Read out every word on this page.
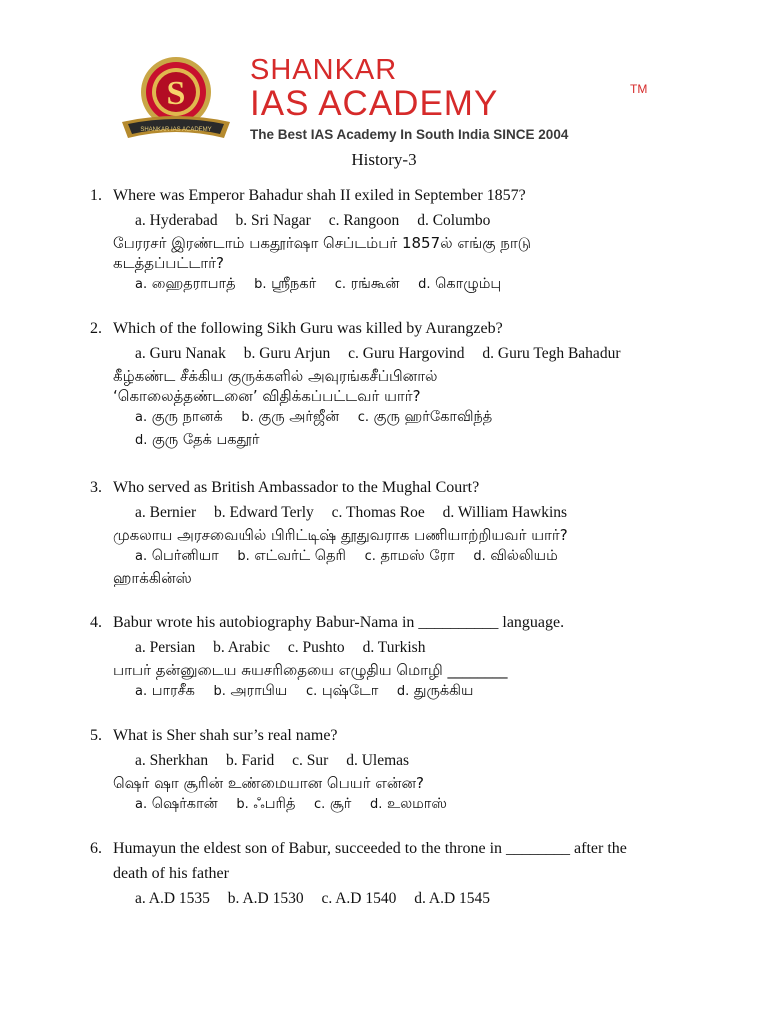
S
SHANKAR IAS ACADEMY
SHANKAR
IAS ACADEMY	TM
The Best IAS Academy In South India SINCE 2004
History-3
1. Where was Emperor Bahadur shah II exiled in September 1857?
a. Hyderabad b. Sri Nagar c. Rangoon d. Columbo
பேரரசர் இரண்டாம் பகதூர்ஷா செப்டம்பர் 1857ல் எங்கு நாடு
கடத்தப்பட்டார்?
a. ஹைதராபாத் b. ஸ்ரீநகர் c. ரங்கூன் d. கொழும்பு
2. Which of the following Sikh Guru was killed by Aurangzeb?
a. Guru Nanak b. Guru Arjun c. Guru Hargovind d. Guru Tegh Bahadur
கீழ்கண்ட சீக்கிய குருக்களில் அவுரங்கசீப்பினால்
‘கொலைத்தண்டனை’ விதிக்கப்பட்டவர் யார்?
a. குரு நானக் b. குரு அர்ஜீன் c. குரு ஹர்கோவிந்த்
d. குரு தேக் பகதூர்
3. Who served as British Ambassador to the Mughal Court?
a. Bernier b. Edward Terly c. Thomas Roe d. William Hawkins
முகலாய அரசவையில் பிரிட்டிஷ் தூதுவராக பணியாற்றியவர் யார்?
a. பெர்னியா b. எட்வர்ட் தெரி c. தாமஸ் ரோ d. வில்லியம்
ஹாக்கின்ஸ்
4. Babur wrote his autobiography Babur-Nama in __________ language.
a. Persian b. Arabic c. Pushto d. Turkish
பாபர் தன்னுடைய சுயசரிதையை எழுதிய மொழி ________
a. பாரசீக b. அராபிய c. புஷ்டோ d. துருக்கிய
5. What is Sher shah sur’s real name?
a. Sherkhan b. Farid c. Sur d. Ulemas
ஷெர் ஷா சூரின் உண்மையான பெயர் என்ன?
a. ஷெர்கான் b. ஃபரித் c. சூர் d. உலமாஸ்
6. Humayun the eldest son of Babur, succeeded to the throne in ________ after the
death of his father
a. A.D 1535 b. A.D 1530 c. A.D 1540 d. A.D 1545
